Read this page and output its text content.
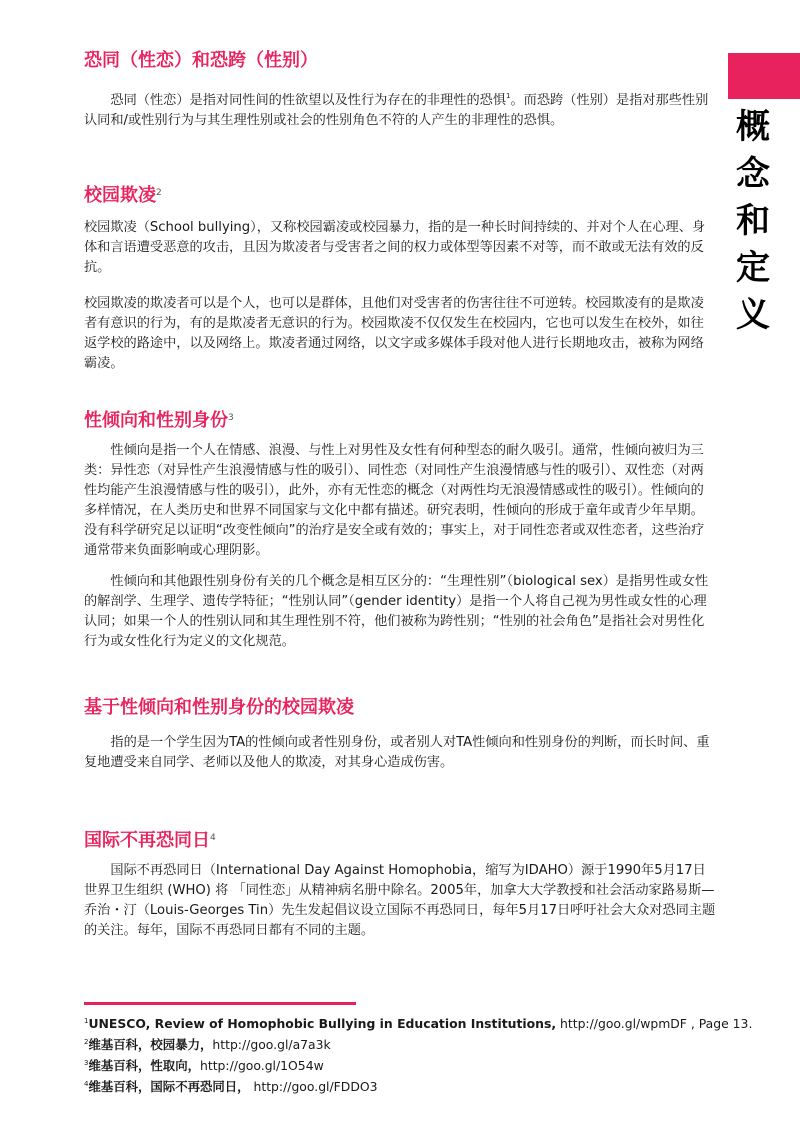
概
念
和
定
义
恐同（性恋）和恐跨（性别）
恐同（性恋）是指对同性间的性欲望以及性行为存在的非理性的恐惧$^1$。而恐跨（性别）是指对那些性别认同和/或性别行为与其生理性别或社会的性别角色不符的人产生的非理性的恐惧。
校园欺凌$^2$
校园欺凌（School bullying），又称校园霸凌或校园暴力，指的是一种长时间持续的、并对个人在心理、身体和言语遭受恶意的攻击，且因为欺凌者与受害者之间的权力或体型等因素不对等，而不敢或无法有效的反抗。
校园欺凌的欺凌者可以是个人，也可以是群体，且他们对受害者的伤害往往不可逆转。校园欺凌有的是欺凌者有意识的行为，有的是欺凌者无意识的行为。校园欺凌不仅仅发生在校园内，它也可以发生在校外，如往返学校的路途中，以及网络上。欺凌者通过网络，以文字或多媒体手段对他人进行长期地攻击，被称为网络霸凌。
性倾向和性别身份$^3$
性倾向是指一个人在情感、浪漫、与性上对男性及女性有何种型态的耐久吸引。通常，性倾向被归为三类：异性恋（对异性产生浪漫情感与性的吸引）、同性恋（对同性产生浪漫情感与性的吸引）、双性恋（对两性均能产生浪漫情感与性的吸引），此外，亦有无性恋的概念（对两性均无浪漫情感或性的吸引）。性倾向的多样情况，在人类历史和世界不同国家与文化中都有描述。研究表明，性倾向的形成于童年或青少年早期。没有科学研究足以证明“改变性倾向”的治疗是安全或有效的；事实上，对于同性恋者或双性恋者，这些治疗通常带来负面影响或心理阴影。
性倾向和其他跟性别身份有关的几个概念是相互区分的：“生理性别”（biological sex）是指男性或女性的解剖学、生理学、遗传学特征；“性别认同”（gender identity）是指一个人将自己视为男性或女性的心理认同；如果一个人的性别认同和其生理性别不符，他们被称为跨性别；“性别的社会角色”是指社会对男性化行为或女性化行为定义的文化规范。
基于性倾向和性别身份的校园欺凌
指的是一个学生因为TA的性倾向或者性别身份，或者别人对TA性倾向和性别身份的判断，而长时间、重复地遭受来自同学、老师以及他人的欺凌，对其身心造成伤害。
国际不再恐同日$^4$
国际不再恐同日（International Day Against Homophobia，缩写为IDAHO）源于1990年5月17日世界卫生组织 (WHO) 将 「同性恋」从精神病名册中除名。2005年，加拿大大学教授和社会活动家路易斯—乔治・汀（Louis-Georges Tin）先生发起倡议设立国际不再恐同日，每年5月17日呼吁社会大众对恐同主题的关注。每年，国际不再恐同日都有不同的主题。
$^1$UNESCO, Review of Homophobic Bullying in Education Institutions, http://goo.gl/wpmDF , Page 13.
$^2$维基百科，校园暴力，http://goo.gl/a7a3k
$^3$维基百科，性取向，http://goo.gl/1O54w
$^4$维基百科，国际不再恐同日， http://goo.gl/FDDO3
